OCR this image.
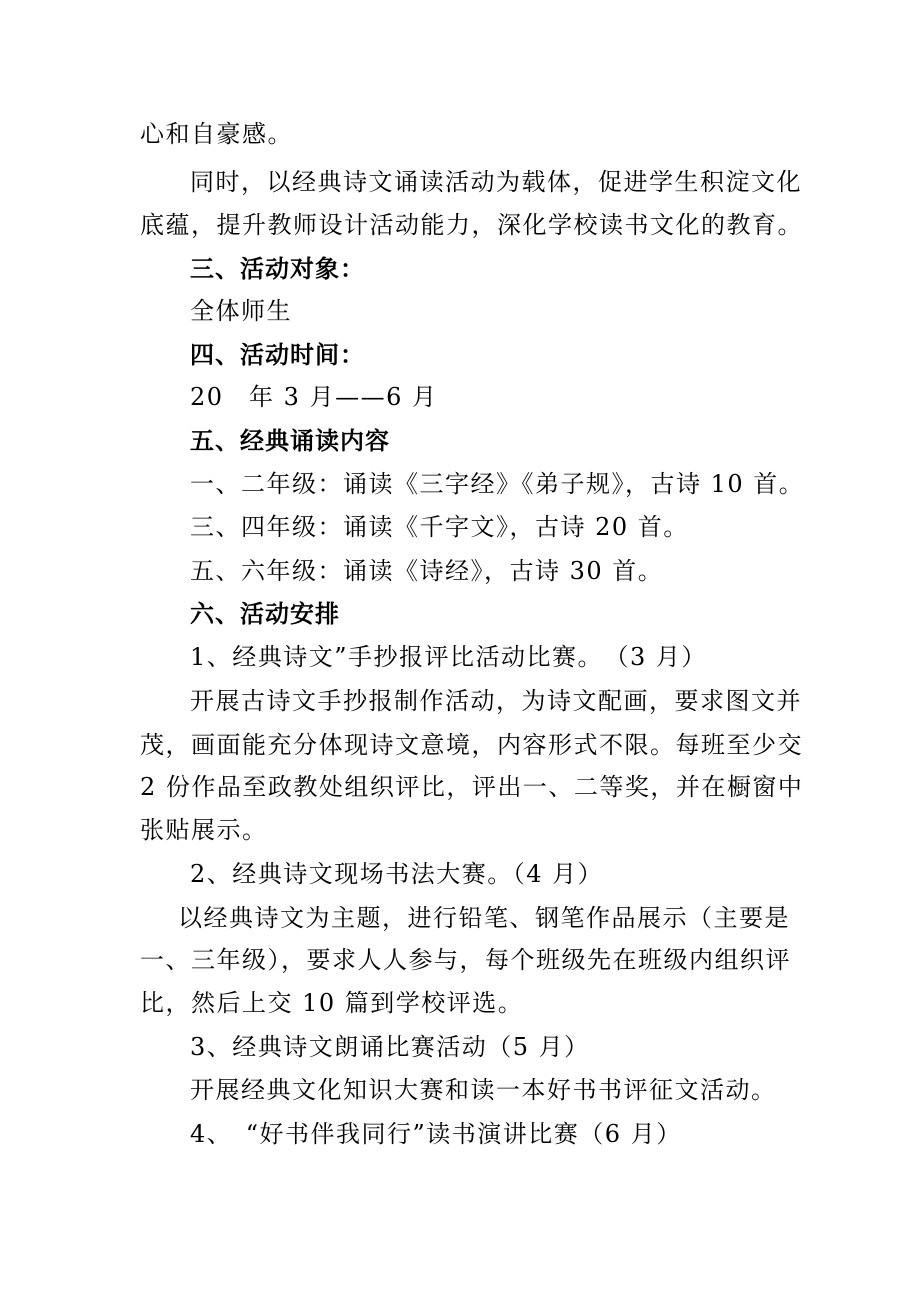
心和自豪感。
同时，以经典诗文诵读活动为载体，促进学生积淀文化
底蕴，提升教师设计活动能力，深化学校读书文化的教育。
三、活动对象：
全体师生
四、活动时间：
20　年 3 月——6 月
五、经典诵读内容
一、二年级：诵读《三字经》《弟子规》，古诗 10 首。
三、四年级：诵读《千字文》，古诗 20 首。
五、六年级：诵读《诗经》，古诗 30 首。
六、活动安排
1、经典诗文”手抄报评比活动比赛。　（3 月）
开展古诗文手抄报制作活动，为诗文配画，要求图文并
茂，画面能充分体现诗文意境，内容形式不限。每班至少交
2 份作品至政教处组织评比，评出一、二等奖，并在橱窗中
张贴展示。
2、经典诗文现场书法大赛。（4 月）
以经典诗文为主题，进行铅笔、钢笔作品展示（主要是
一、三年级），要求人人参与，每个班级先在班级内组织评
比，然后上交 10 篇到学校评选。
3、经典诗文朗诵比赛活动（5 月）
开展经典文化知识大赛和读一本好书书评征文活动。
4、　“好书伴我同行”读书演讲比赛（6 月）
